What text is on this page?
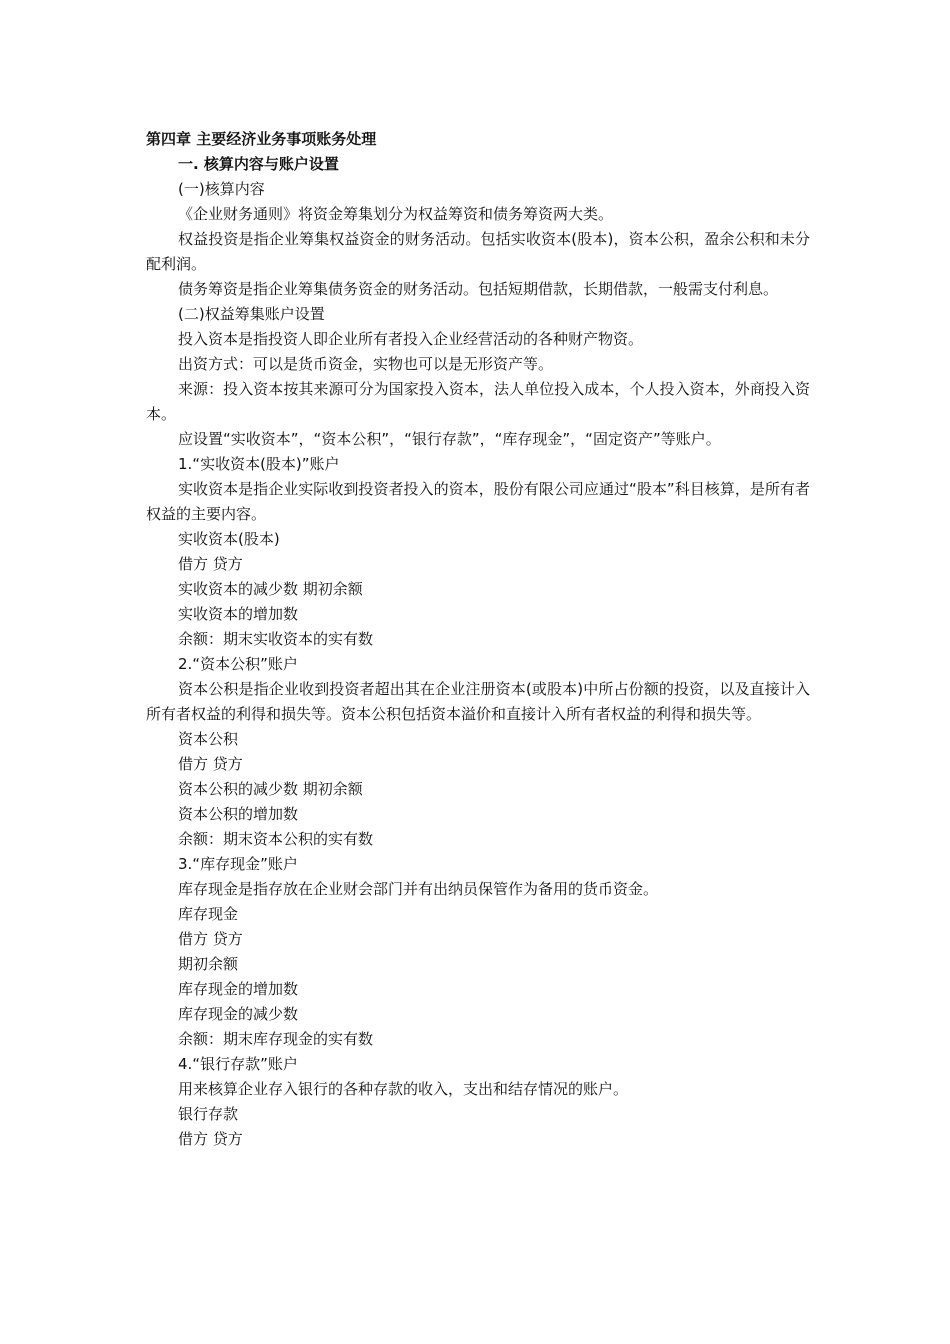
第四章 主要经济业务事项账务处理
一. 核算内容与账户设置
(一)核算内容
《企业财务通则》将资金筹集划分为权益筹资和债务筹资两大类。
权益投资是指企业筹集权益资金的财务活动。包括实收资本(股本)，资本公积，盈余公积和未分配利润。
债务筹资是指企业筹集债务资金的财务活动。包括短期借款，长期借款，一般需支付利息。
(二)权益筹集账户设置
投入资本是指投资人即企业所有者投入企业经营活动的各种财产物资。
出资方式：可以是货币资金，实物也可以是无形资产等。
来源：投入资本按其来源可分为国家投入资本，法人单位投入成本，个人投入资本，外商投入资本。
应设置“实收资本”，“资本公积”，“银行存款”，“库存现金”，“固定资产”等账户。
1.“实收资本(股本)”账户
实收资本是指企业实际收到投资者投入的资本，股份有限公司应通过“股本”科目核算，是所有者权益的主要内容。
实收资本(股本)
借方 贷方
实收资本的减少数 期初余额
实收资本的增加数
余额：期末实收资本的实有数
2.“资本公积”账户
资本公积是指企业收到投资者超出其在企业注册资本(或股本)中所占份额的投资，以及直接计入所有者权益的利得和损失等。资本公积包括资本溢价和直接计入所有者权益的利得和损失等。
资本公积
借方 贷方
资本公积的减少数 期初余额
资本公积的增加数
余额：期末资本公积的实有数
3.“库存现金”账户
库存现金是指存放在企业财会部门并有出纳员保管作为备用的货币资金。
库存现金
借方 贷方
期初余额
库存现金的增加数
库存现金的减少数
余额：期末库存现金的实有数
4.“银行存款”账户
用来核算企业存入银行的各种存款的收入，支出和结存情况的账户。
银行存款
借方 贷方
